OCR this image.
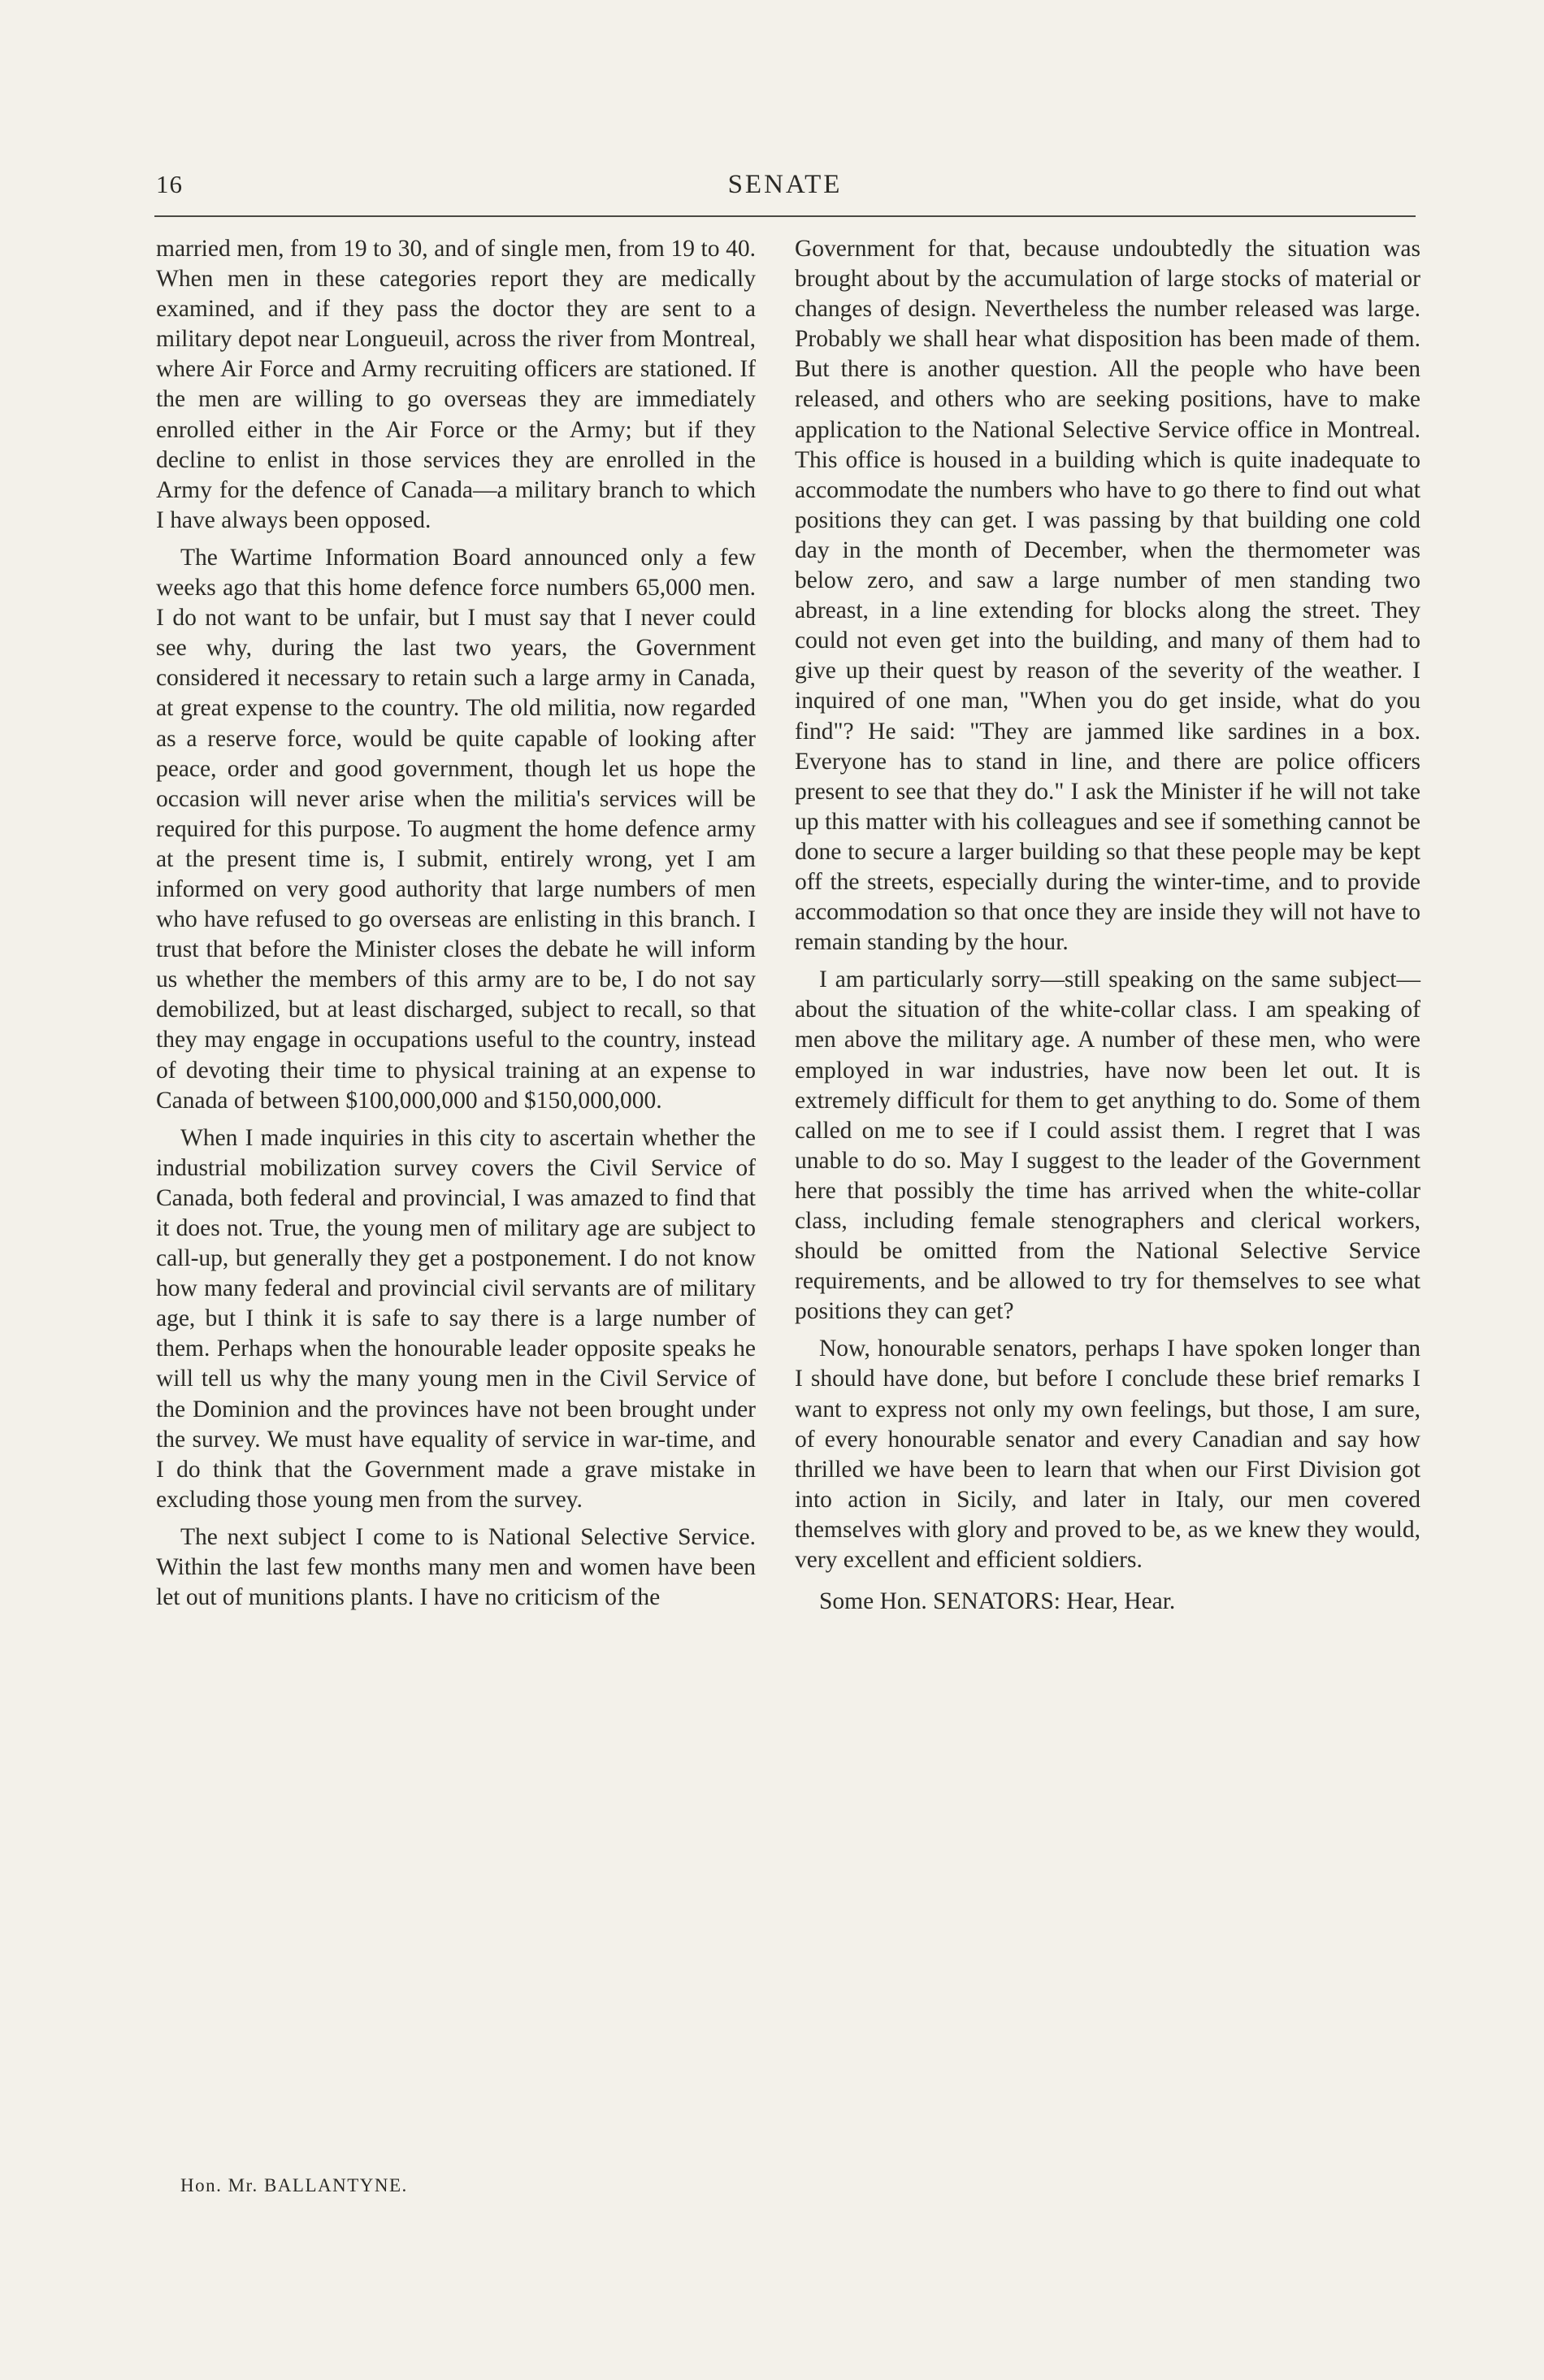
16	SENATE

married men, from 19 to 30, and of single men, from 19 to 40. When men in these categories report they are medically examined, and if they pass the doctor they are sent to a military depot near Longueuil, across the river from Montreal, where Air Force and Army recruiting officers are stationed. If the men are willing to go overseas they are immediately enrolled either in the Air Force or the Army; but if they decline to enlist in those services they are enrolled in the Army for the defence of Canada—a military branch to which I have always been opposed.

The Wartime Information Board announced only a few weeks ago that this home defence force numbers 65,000 men. I do not want to be unfair, but I must say that I never could see why, during the last two years, the Government considered it necessary to retain such a large army in Canada, at great expense to the country. The old militia, now regarded as a reserve force, would be quite capable of looking after peace, order and good government, though let us hope the occasion will never arise when the militia's services will be required for this purpose. To augment the home defence army at the present time is, I submit, entirely wrong, yet I am informed on very good authority that large numbers of men who have refused to go overseas are enlisting in this branch. I trust that before the Minister closes the debate he will inform us whether the members of this army are to be, I do not say demobilized, but at least discharged, subject to recall, so that they may engage in occupations useful to the country, instead of devoting their time to physical training at an expense to Canada of between $100,000,000 and $150,000,000.

When I made inquiries in this city to ascertain whether the industrial mobilization survey covers the Civil Service of Canada, both federal and provincial, I was amazed to find that it does not. True, the young men of military age are subject to call-up, but generally they get a postponement. I do not know how many federal and provincial civil servants are of military age, but I think it is safe to say there is a large number of them. Perhaps when the honourable leader opposite speaks he will tell us why the many young men in the Civil Service of the Dominion and the provinces have not been brought under the survey. We must have equality of service in war-time, and I do think that the Government made a grave mistake in excluding those young men from the survey.

The next subject I come to is National Selective Service. Within the last few months many men and women have been let out of munitions plants. I have no criticism of the

Government for that, because undoubtedly the situation was brought about by the accumulation of large stocks of material or changes of design. Nevertheless the number released was large. Probably we shall hear what disposition has been made of them. But there is another question. All the people who have been released, and others who are seeking positions, have to make application to the National Selective Service office in Montreal. This office is housed in a building which is quite inadequate to accommodate the numbers who have to go there to find out what positions they can get. I was passing by that building one cold day in the month of December, when the thermometer was below zero, and saw a large number of men standing two abreast, in a line extending for blocks along the street. They could not even get into the building, and many of them had to give up their quest by reason of the severity of the weather. I inquired of one man, "When you do get inside, what do you find"? He said: "They are jammed like sardines in a box. Everyone has to stand in line, and there are police officers present to see that they do." I ask the Minister if he will not take up this matter with his colleagues and see if something cannot be done to secure a larger building so that these people may be kept off the streets, especially during the winter-time, and to provide accommodation so that once they are inside they will not have to remain standing by the hour.

I am particularly sorry—still speaking on the same subject—about the situation of the white-collar class. I am speaking of men above the military age. A number of these men, who were employed in war industries, have now been let out. It is extremely difficult for them to get anything to do. Some of them called on me to see if I could assist them. I regret that I was unable to do so. May I suggest to the leader of the Government here that possibly the time has arrived when the white-collar class, including female stenographers and clerical workers, should be omitted from the National Selective Service requirements, and be allowed to try for themselves to see what positions they can get?

Now, honourable senators, perhaps I have spoken longer than I should have done, but before I conclude these brief remarks I want to express not only my own feelings, but those, I am sure, of every honourable senator and every Canadian and say how thrilled we have been to learn that when our First Division got into action in Sicily, and later in Italy, our men covered themselves with glory and proved to be, as we knew they would, very excellent and efficient soldiers.

Some Hon. SENATORS: Hear, Hear.

Hon. Mr. BALLANTYNE.
